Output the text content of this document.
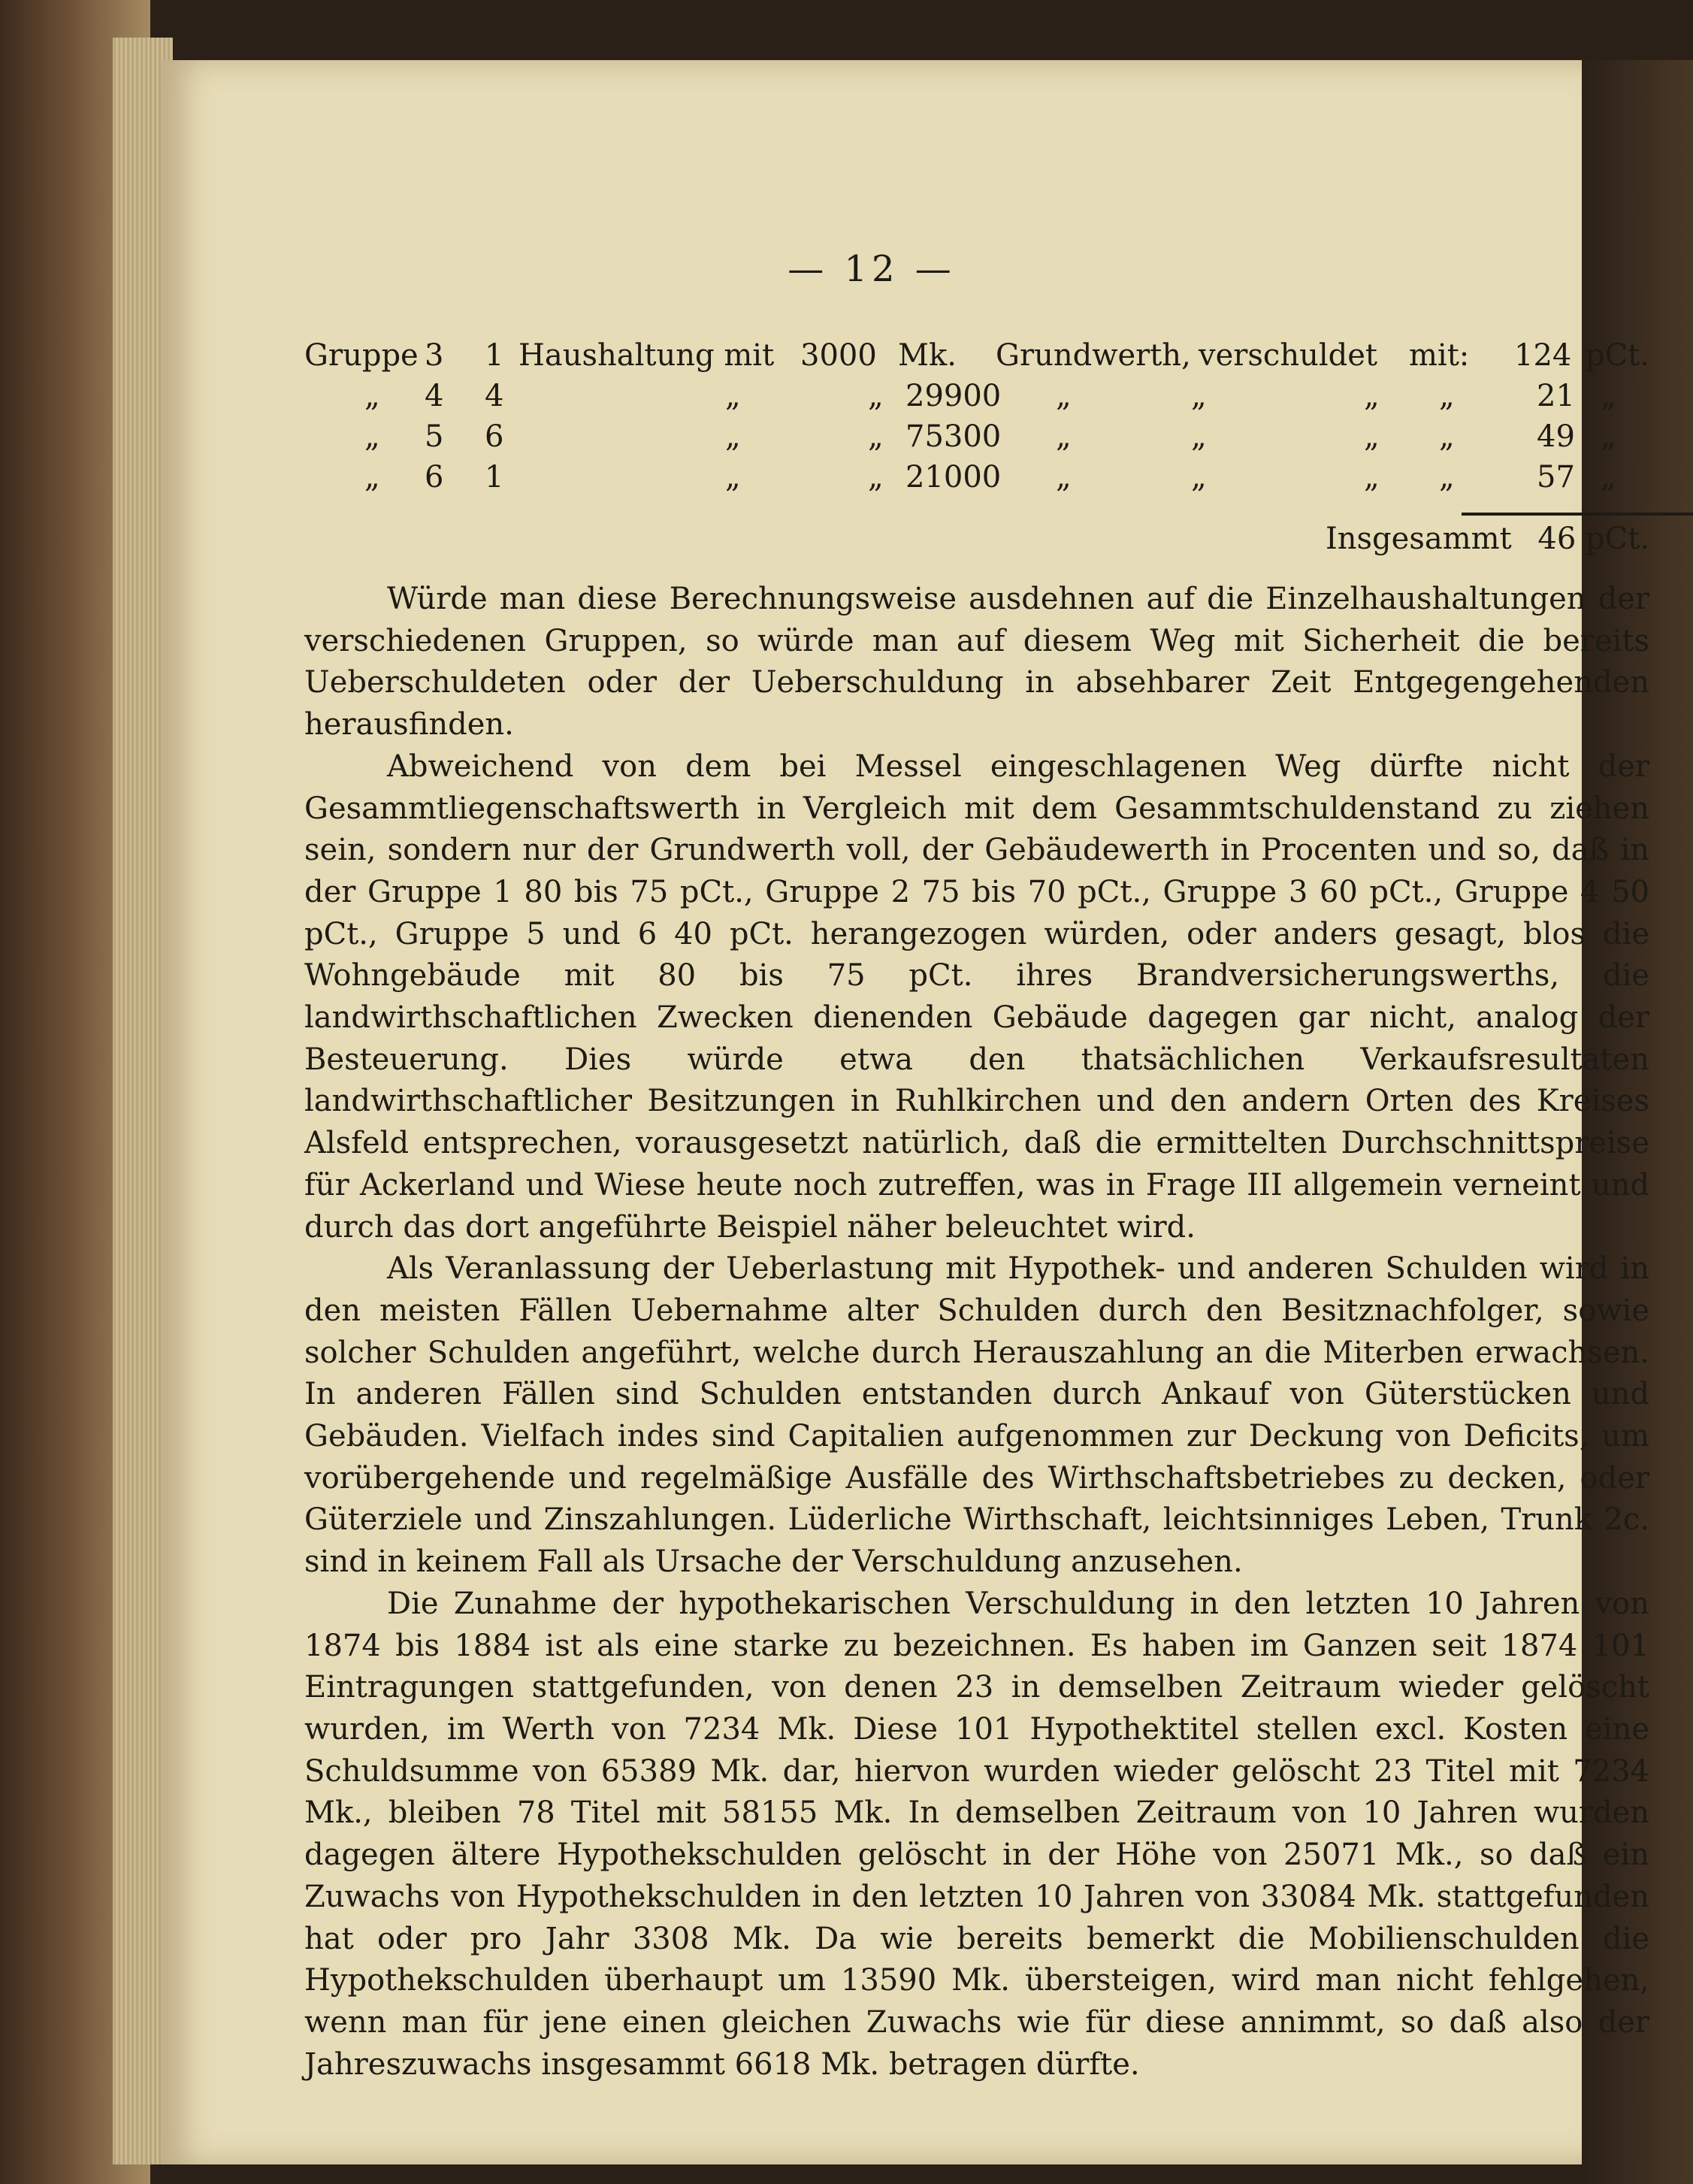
— 12 —
Gruppe 3 1 Haushaltung mit 3000 Mk. Grundwerth, verschuldet mit: 124 pCt.
„ 4 4	„	„ 29900 „	„	„ „	21 „
„ 5 6	„	„ 75300 „	„	„ „	49 „
„ 6 1	„	„ 21000 „	„	„ „	57 „
Insgesammt 46 pCt.

Würde man diese Berechnungsweise ausdehnen auf die Einzelhaushaltungen der verschiedenen Gruppen, so würde man auf diesem Weg mit Sicherheit die bereits Ueberschuldeten oder der Ueberschuldung in absehbarer Zeit Entgegengehenden herausfinden.

Abweichend von dem bei Messel eingeschlagenen Weg dürfte nicht der Gesammtliegenschaftswerth in Vergleich mit dem Gesammtschuldenstand zu ziehen sein, sondern nur der Grundwerth voll, der Gebäudewerth in Procenten und so, daß in der Gruppe 1 80 bis 75 pCt., Gruppe 2 75 bis 70 pCt., Gruppe 3 60 pCt., Gruppe 4 50 pCt., Gruppe 5 und 6 40 pCt. herangezogen würden, oder anders gesagt, blos die Wohngebäude mit 80 bis 75 pCt. ihres Brandversicherungswerths, die landwirthschaftlichen Zwecken dienenden Gebäude dagegen gar nicht, analog der Besteuerung. Dies würde etwa den thatsächlichen Verkaufsresultaten landwirthschaftlicher Besitzungen in Ruhlkirchen und den andern Orten des Kreises Alsfeld entsprechen, vorausgesetzt natürlich, daß die ermittelten Durchschnittspreise für Ackerland und Wiese heute noch zutreffen, was in Frage III allgemein verneint und durch das dort angeführte Beispiel näher beleuchtet wird.

Als Veranlassung der Ueberlastung mit Hypothek- und anderen Schulden wird in den meisten Fällen Uebernahme alter Schulden durch den Besitznachfolger, sowie solcher Schulden angeführt, welche durch Herauszahlung an die Miterben erwachsen. In anderen Fällen sind Schulden entstanden durch Ankauf von Güterstücken und Gebäuden. Vielfach indes sind Capitalien aufgenommen zur Deckung von Deficits, um vorübergehende und regelmäßige Ausfälle des Wirthschaftsbetriebes zu decken, oder Güterziele und Zinszahlungen. Lüderliche Wirthschaft, leichtsinniges Leben, Trunk 2c. sind in keinem Fall als Ursache der Verschuldung anzusehen.

Die Zunahme der hypothekarischen Verschuldung in den letzten 10 Jahren von 1874 bis 1884 ist als eine starke zu bezeichnen. Es haben im Ganzen seit 1874 101 Eintragungen stattgefunden, von denen 23 in demselben Zeitraum wieder gelöscht wurden, im Werth von 7234 Mk. Diese 101 Hypothektitel stellen excl. Kosten eine Schuldsumme von 65389 Mk. dar, hiervon wurden wieder gelöscht 23 Titel mit 7234 Mk., bleiben 78 Titel mit 58155 Mk. In demselben Zeitraum von 10 Jahren wurden dagegen ältere Hypothekschulden gelöscht in der Höhe von 25071 Mk., so daß ein Zuwachs von Hypothekschulden in den letzten 10 Jahren von 33084 Mk. stattgefunden hat oder pro Jahr 3308 Mk. Da wie bereits bemerkt die Mobilienschulden die Hypothekschulden überhaupt um 13590 Mk. übersteigen, wird man nicht fehlgehen, wenn man für jene einen gleichen Zuwachs wie für diese annimmt, so daß also der Jahreszuwachs insgesammt 6618 Mk. betragen dürfte.
